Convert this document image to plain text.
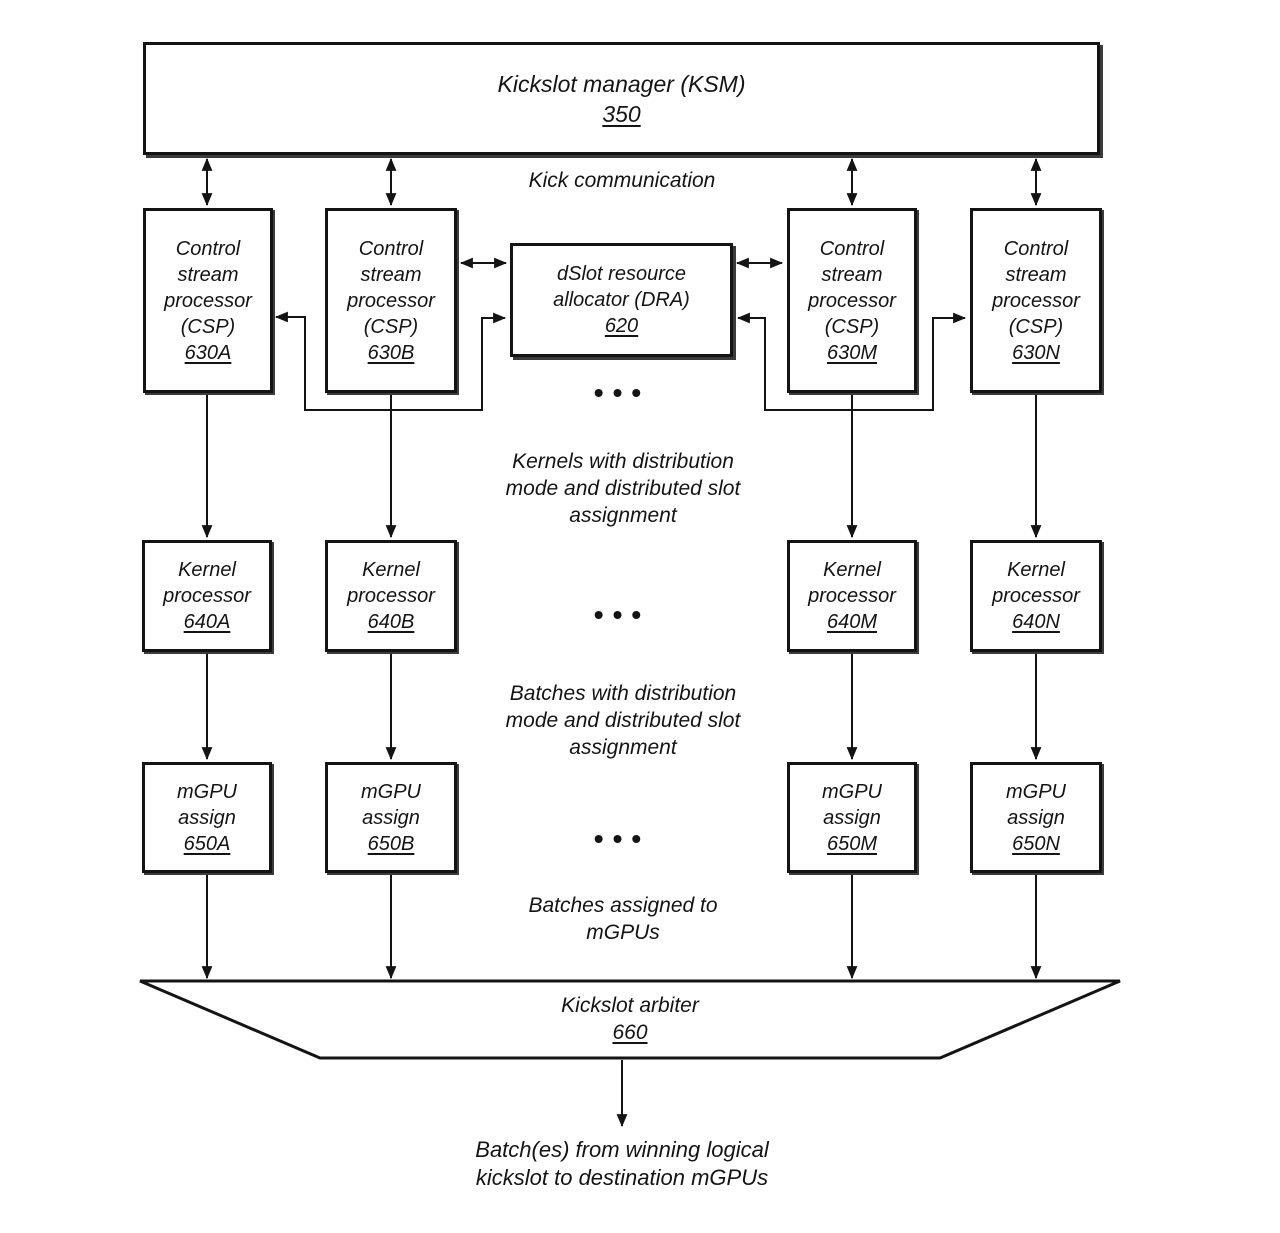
Kickslot manager (KSM)
350
Control stream processor (CSP)
630A
Control stream processor (CSP)
630B
dSlot resource allocator (DRA)
620
Control stream processor (CSP)
630M
Control stream processor (CSP)
630N
Kernel processor
640A
Kernel processor
640B
Kernel processor
640M
Kernel processor
640N
mGPU assign
650A
mGPU assign
650B
mGPU assign
650M
mGPU assign
650N
Kickslot arbiter
660
Kick communication
Kernels with distribution mode and distributed slot assignment
Batches with distribution mode and distributed slot assignment
Batches assigned to mGPUs
Batch(es) from winning logical kickslot to destination mGPUs
•••
•••
•••
